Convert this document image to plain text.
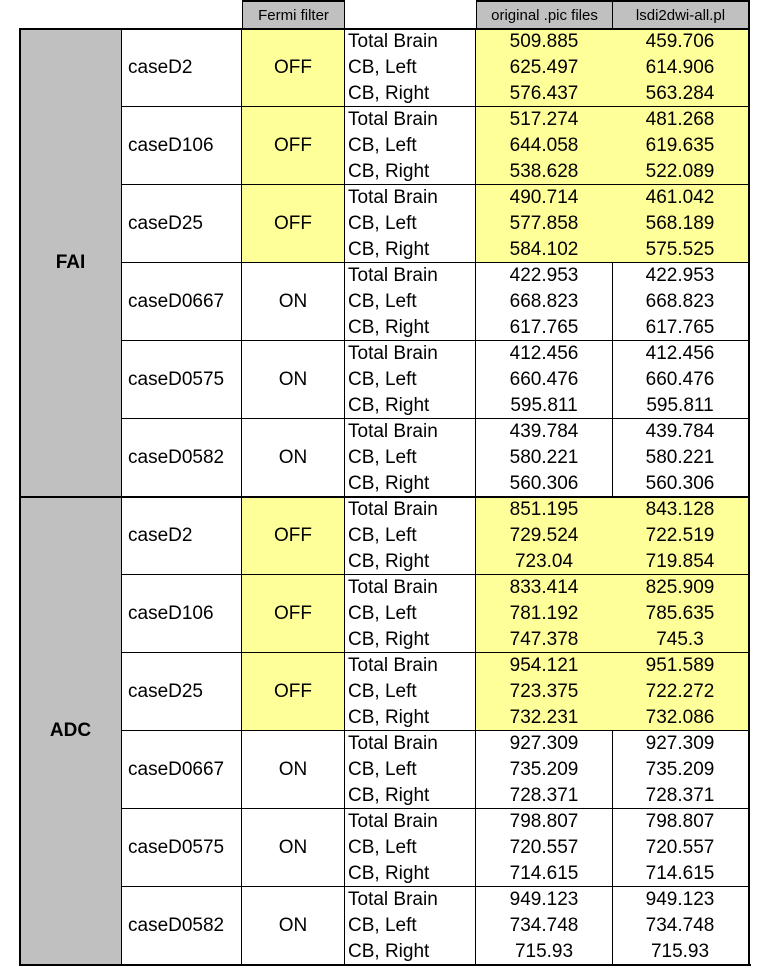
Fermi filter	original .pic files	lsdi2dwi-all.pl
FAI
caseD2	OFF
Total Brain	509.885	459.706
CB, Left	625.497	614.906
CB, Right	576.437	563.284
caseD106	OFF
Total Brain	517.274	481.268
CB, Left	644.058	619.635
CB, Right	538.628	522.089
caseD25	OFF
Total Brain	490.714	461.042
CB, Left	577.858	568.189
CB, Right	584.102	575.525
caseD0667	ON
Total Brain	422.953	422.953
CB, Left	668.823	668.823
CB, Right	617.765	617.765
caseD0575	ON
Total Brain	412.456	412.456
CB, Left	660.476	660.476
CB, Right	595.811	595.811
caseD0582	ON
Total Brain	439.784	439.784
CB, Left	580.221	580.221
CB, Right	560.306	560.306
ADC
caseD2	OFF
Total Brain	851.195	843.128
CB, Left	729.524	722.519
CB, Right	723.04	719.854
caseD106	OFF
Total Brain	833.414	825.909
CB, Left	781.192	785.635
CB, Right	747.378	745.3
caseD25	OFF
Total Brain	954.121	951.589
CB, Left	723.375	722.272
CB, Right	732.231	732.086
caseD0667	ON
Total Brain	927.309	927.309
CB, Left	735.209	735.209
CB, Right	728.371	728.371
caseD0575	ON
Total Brain	798.807	798.807
CB, Left	720.557	720.557
CB, Right	714.615	714.615
caseD0582	ON
Total Brain	949.123	949.123
CB, Left	734.748	734.748
CB, Right	715.93	715.93
